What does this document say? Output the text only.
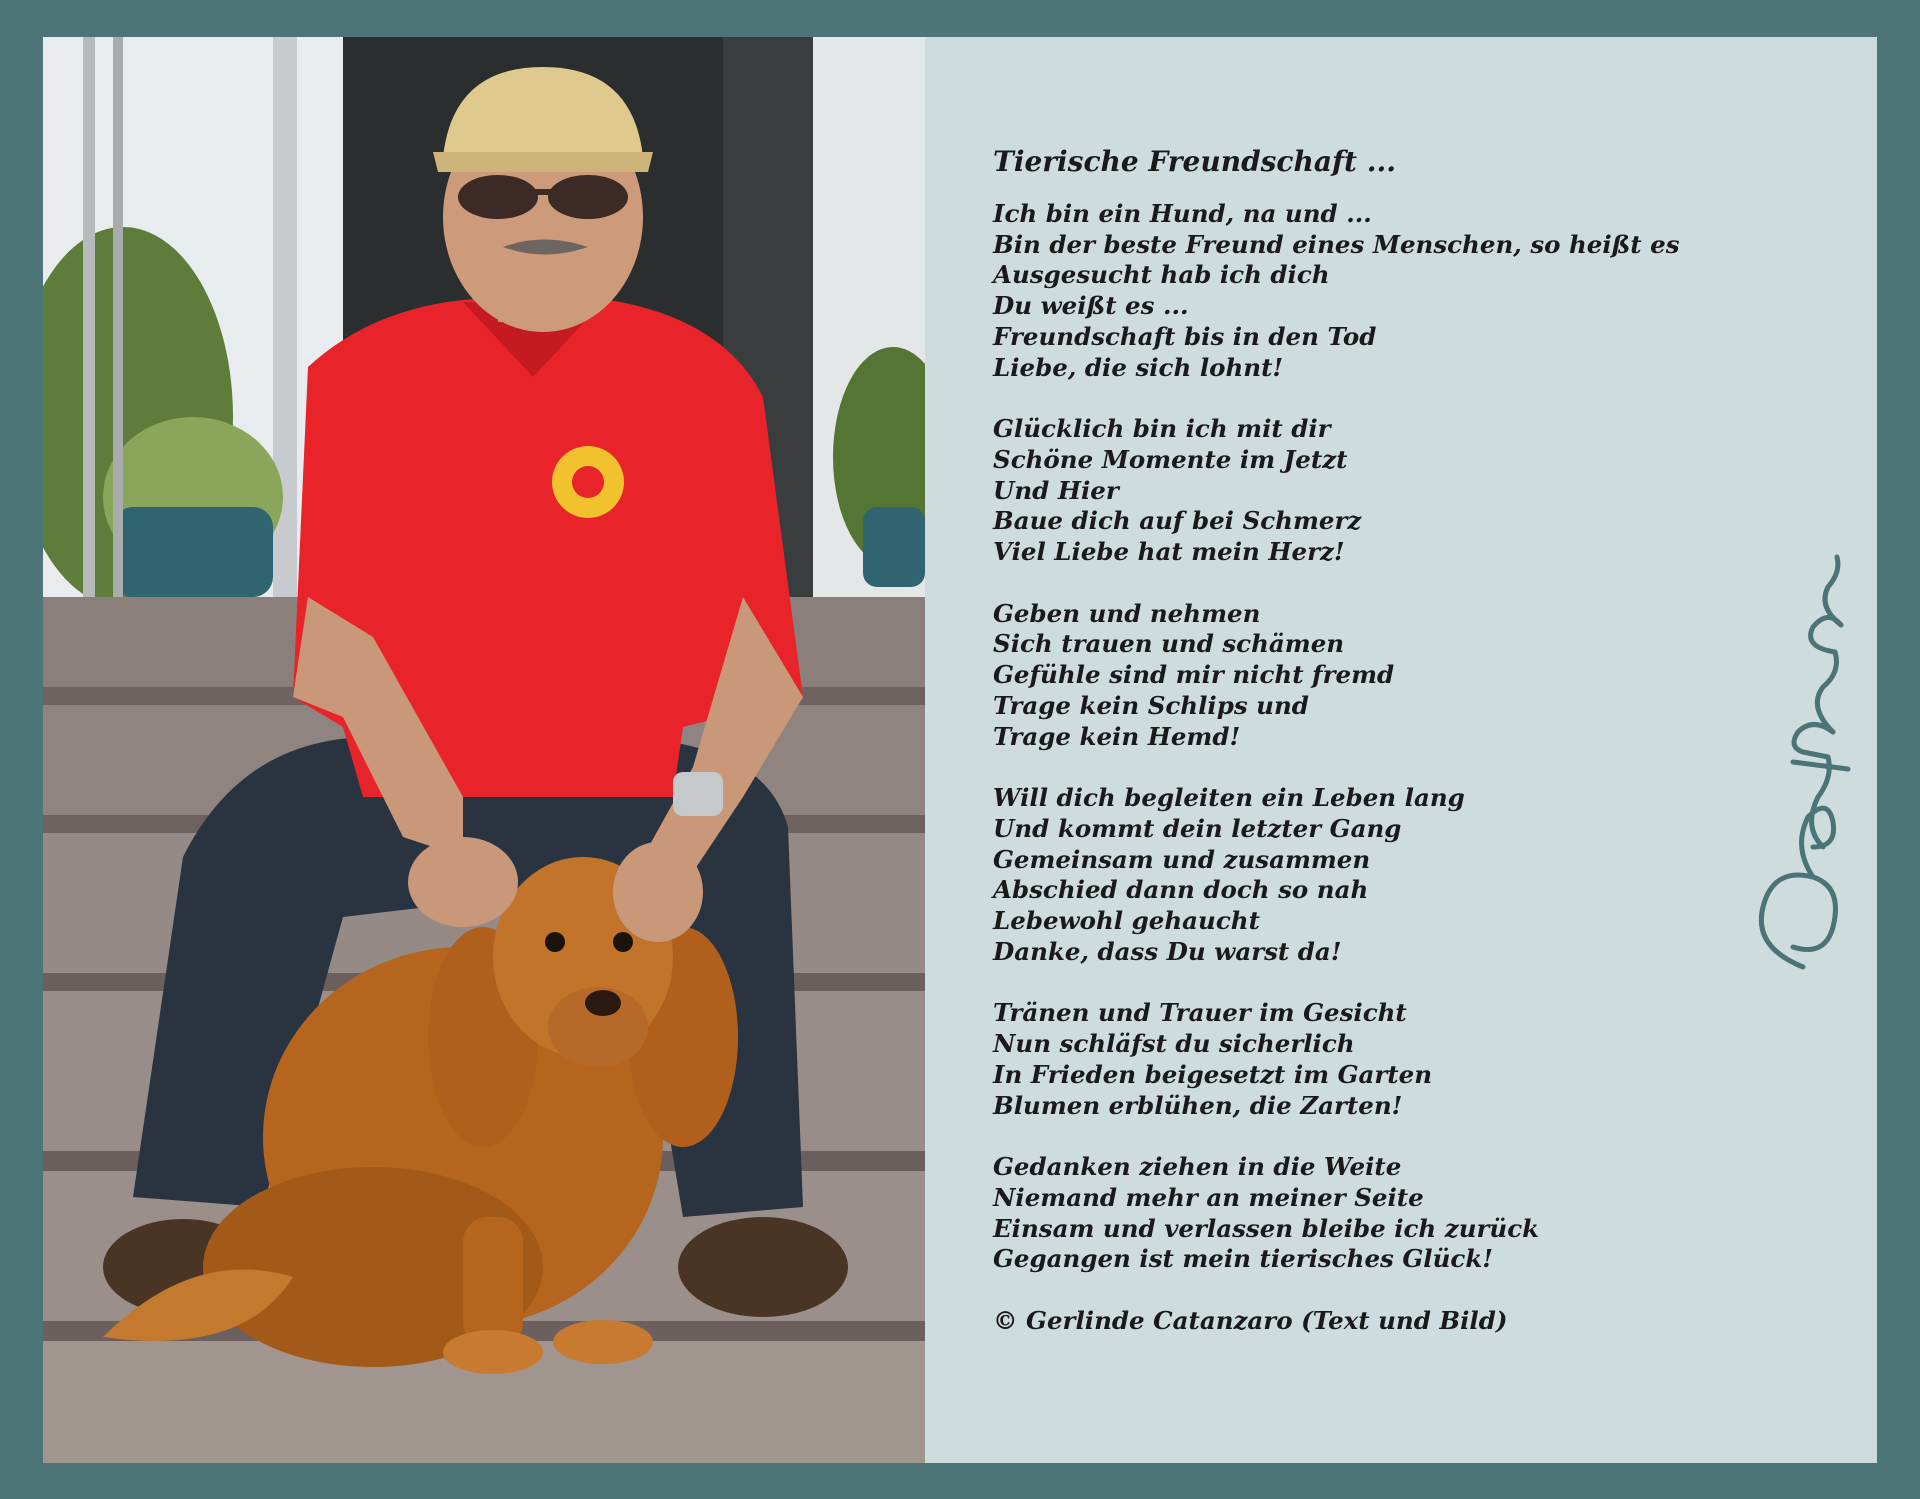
Tierische Freundschaft ...
Ich bin ein Hund, na und ...
Bin der beste Freund eines Menschen, so heißt es
Ausgesucht hab ich dich
Du weißt es ...
Freundschaft bis in den Tod
Liebe, die sich lohnt!
Glücklich bin ich mit dir
Schöne Momente im Jetzt
Und Hier
Baue dich auf bei Schmerz
Viel Liebe hat mein Herz!
Geben und nehmen
Sich trauen und schämen
Gefühle sind mir nicht fremd
Trage kein Schlips und
Trage kein Hemd!
Will dich begleiten ein Leben lang
Und kommt dein letzter Gang
Gemeinsam und zusammen
Abschied dann doch so nah
Lebewohl gehaucht
Danke, dass Du warst da!
Tränen und Trauer im Gesicht
Nun schläfst du sicherlich
In Frieden beigesetzt im Garten
Blumen erblühen, die Zarten!
Gedanken ziehen in die Weite
Niemand mehr an meiner Seite
Einsam und verlassen bleibe ich zurück
Gegangen ist mein tierisches Glück!
© Gerlinde Catanzaro (Text und Bild)
